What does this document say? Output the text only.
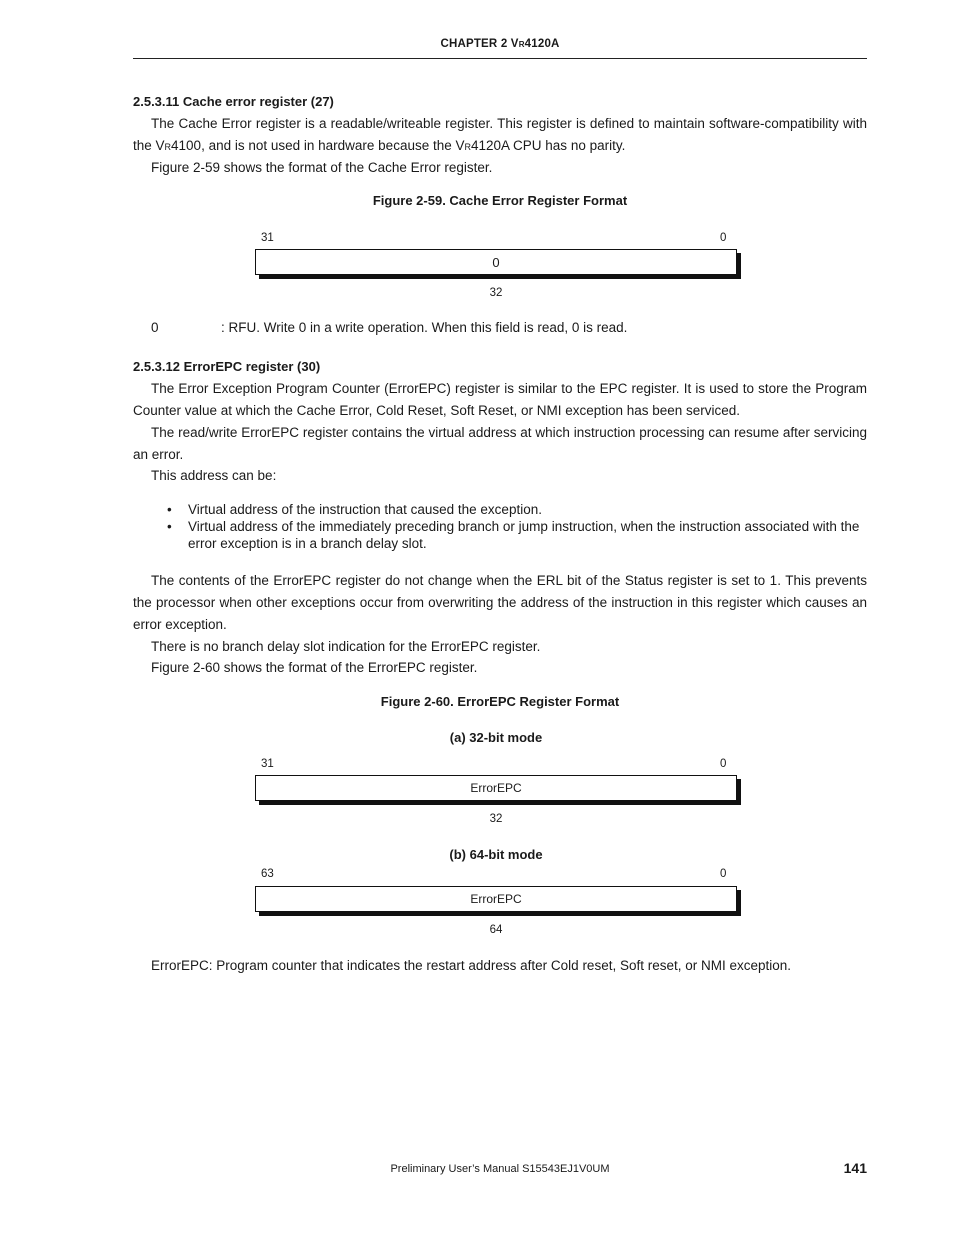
CHAPTER 2 VR4120A
2.5.3.11 Cache error register (27)

The Cache Error register is a readable/writeable register. This register is defined to maintain software-compatibility with the VR4100, and is not used in hardware because the VR4120A CPU has no parity.

Figure 2-59 shows the format of the Cache Error register.

Figure 2-59. Cache Error Register Format
31	0
0
32
0	: RFU. Write 0 in a write operation. When this field is read, 0 is read.
2.5.3.12 ErrorEPC register (30)

The Error Exception Program Counter (ErrorEPC) register is similar to the EPC register. It is used to store the Program Counter value at which the Cache Error, Cold Reset, Soft Reset, or NMI exception has been serviced.

The read/write ErrorEPC register contains the virtual address at which instruction processing can resume after servicing an error.

This address can be:

• Virtual address of the instruction that caused the exception.
• Virtual address of the immediately preceding branch or jump instruction, when the instruction associated with the error exception is in a branch delay slot.

The contents of the ErrorEPC register do not change when the ERL bit of the Status register is set to 1. This prevents the processor when other exceptions occur from overwriting the address of the instruction in this register which causes an error exception.

There is no branch delay slot indication for the ErrorEPC register.

Figure 2-60 shows the format of the ErrorEPC register.

Figure 2-60. ErrorEPC Register Format
(a) 32-bit mode
31	0
ErrorEPC
32
(b) 64-bit mode
63	0
ErrorEPC
64
ErrorEPC: Program counter that indicates the restart address after Cold reset, Soft reset, or NMI exception.
Preliminary User’s Manual S15543EJ1V0UM	141
